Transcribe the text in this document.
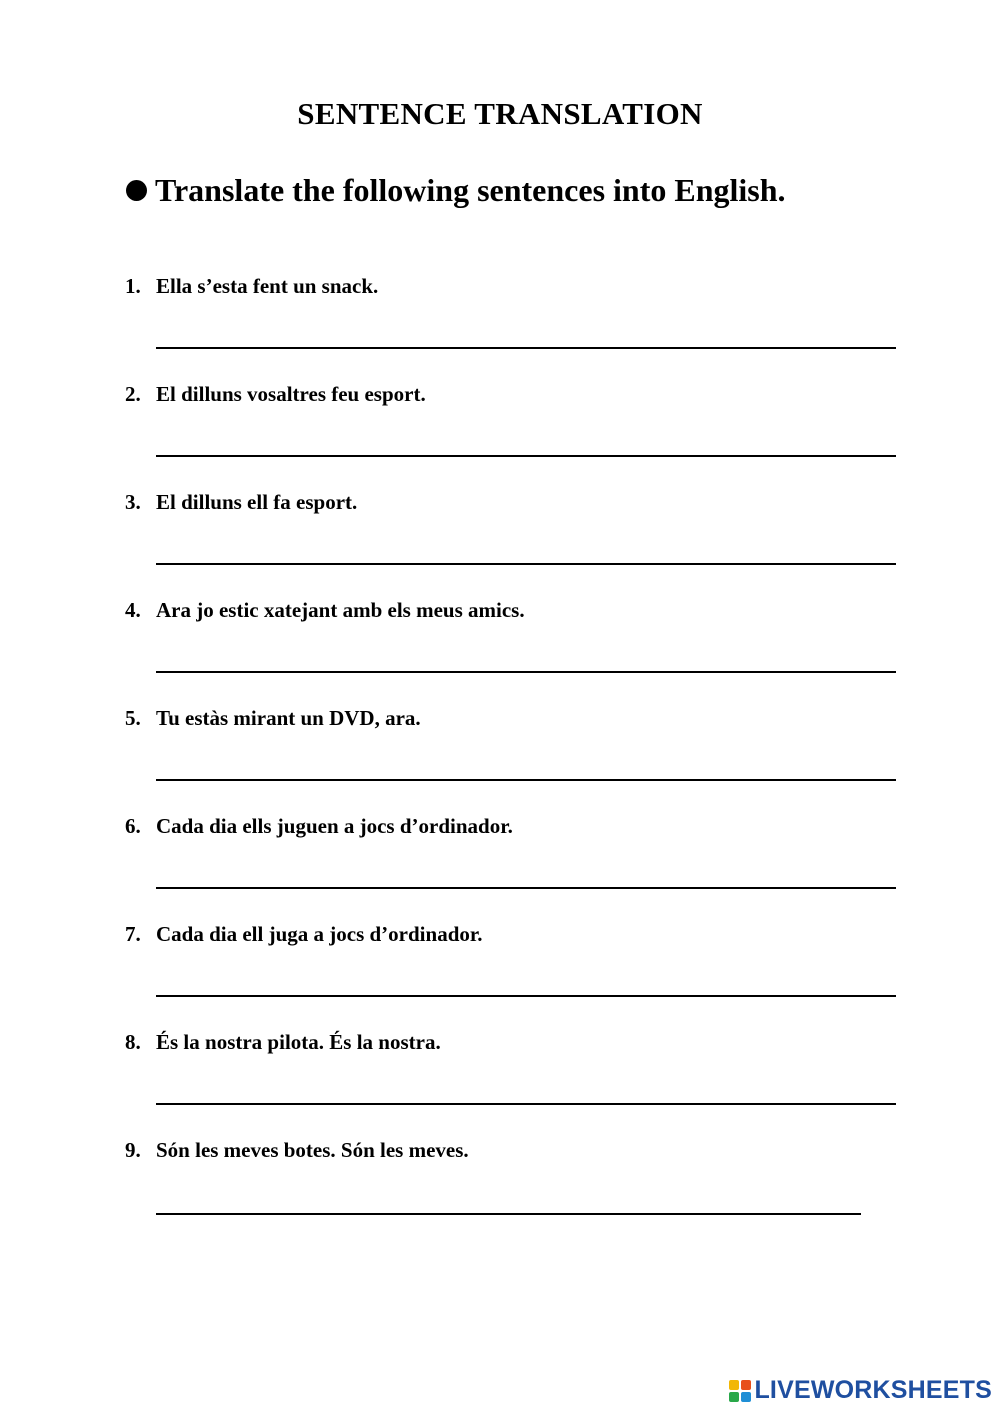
SENTENCE TRANSLATION
Translate the following sentences into English.
1. Ella s’esta fent un snack.
2. El dilluns vosaltres feu esport.
3. El dilluns ell fa esport.
4. Ara jo estic xatejant amb els meus amics.
5. Tu estàs mirant un DVD, ara.
6. Cada dia ells juguen a jocs d’ordinador.
7. Cada dia ell juga a jocs d’ordinador.
8. És la nostra pilota. És la nostra.
9. Són les meves botes. Són les meves.
LIVEWORKSHEETS
